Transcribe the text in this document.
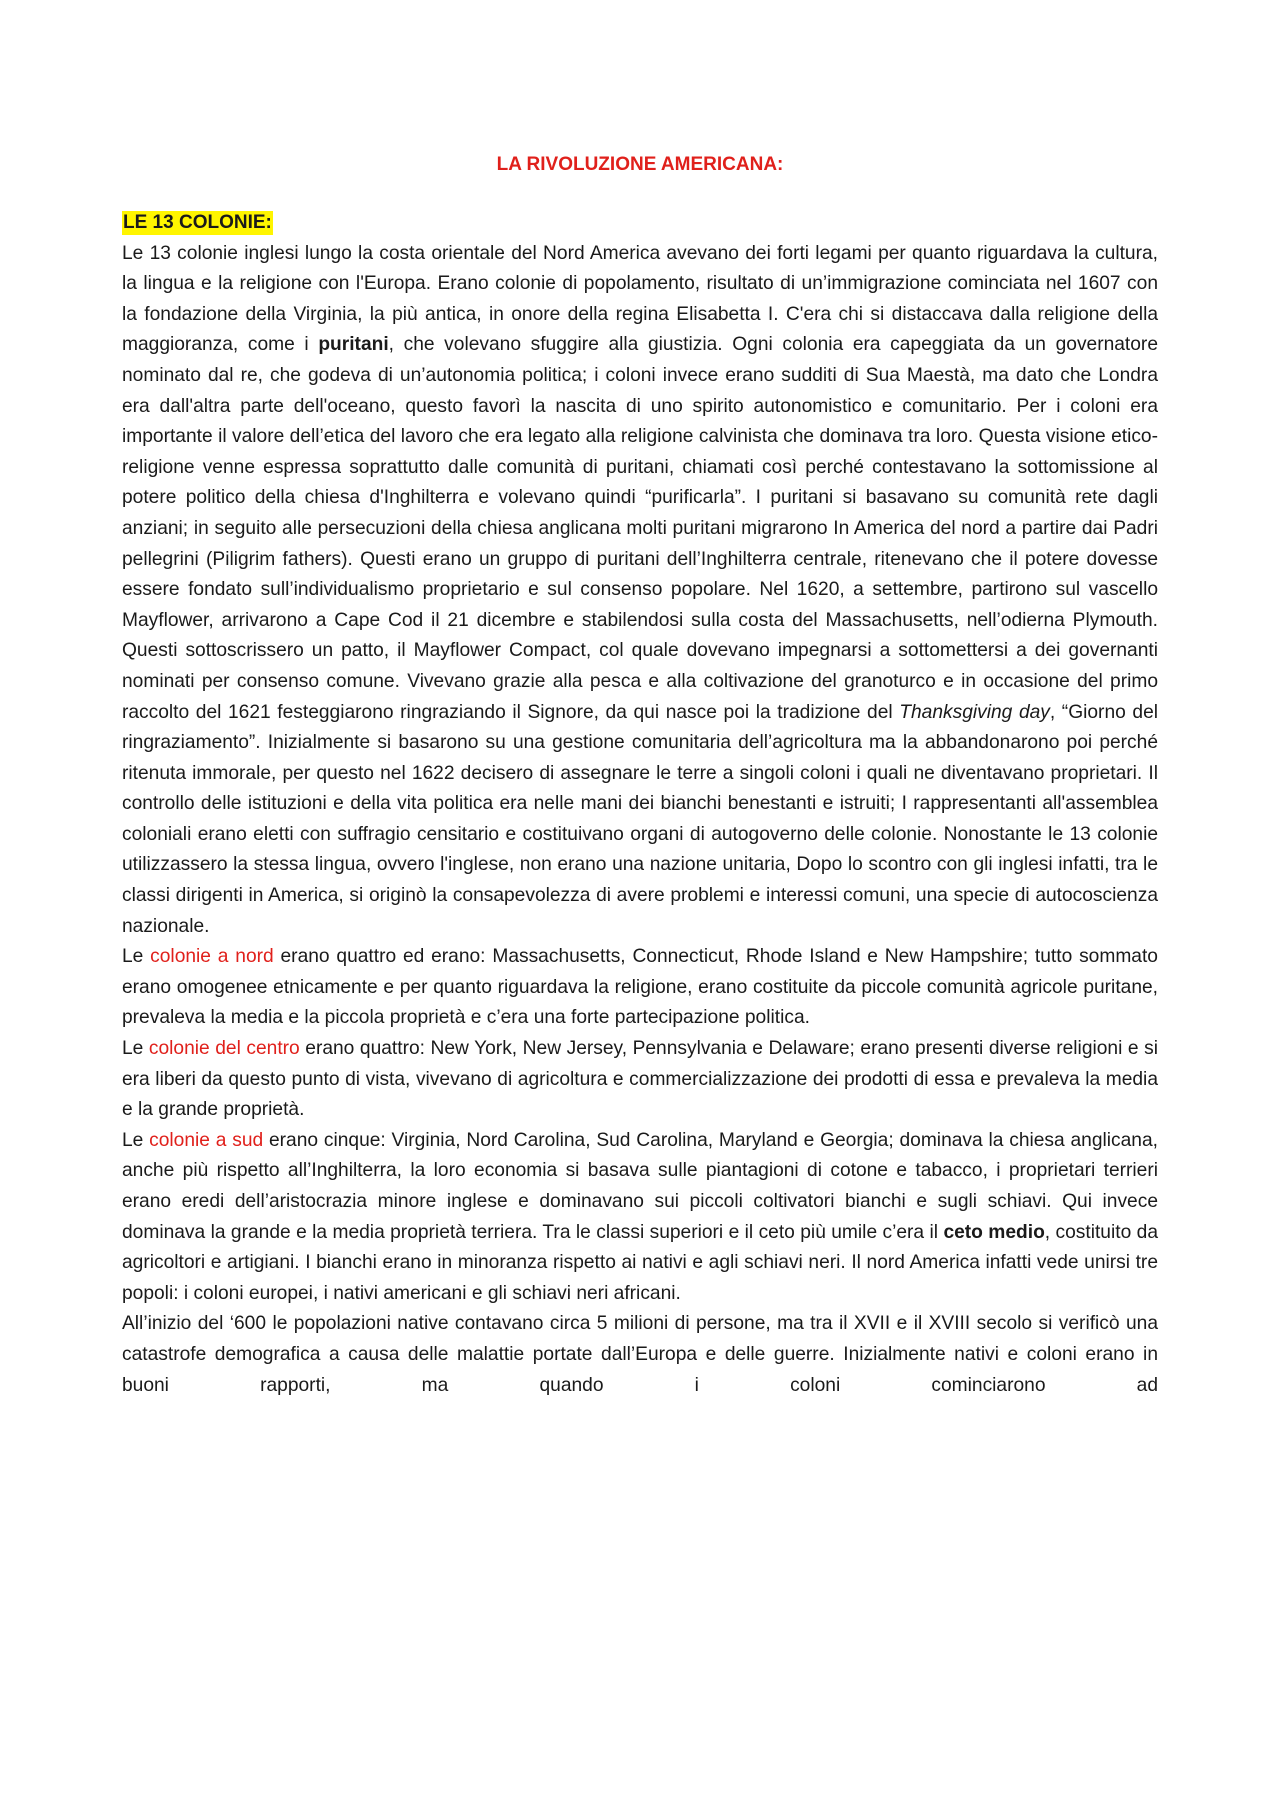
LA RIVOLUZIONE AMERICANA:
LE 13 COLONIE:

Le 13 colonie inglesi lungo la costa orientale del Nord America avevano dei forti legami per quanto riguardava la cultura, la lingua e la religione con l'Europa. Erano colonie di popolamento, risultato di un’immigrazione cominciata nel 1607 con la fondazione della Virginia, la più antica, in onore della regina Elisabetta I. C'era chi si distaccava dalla religione della maggioranza, come i puritani, che volevano sfuggire alla giustizia. Ogni colonia era capeggiata da un governatore nominato dal re, che godeva di un’autonomia politica; i coloni invece erano sudditi di Sua Maestà, ma dato che Londra era dall'altra parte dell'oceano, questo favorì la nascita di uno spirito autonomistico e comunitario. Per i coloni era importante il valore dell’etica del lavoro che era legato alla religione calvinista che dominava tra loro. Questa visione etico-religione venne espressa soprattutto dalle comunità di puritani, chiamati così perché contestavano la sottomissione al potere politico della chiesa d'Inghilterra e volevano quindi “purificarla”. I puritani si basavano su comunità rete dagli anziani; in seguito alle persecuzioni della chiesa anglicana molti puritani migrarono In America del nord a partire dai Padri pellegrini (Piligrim fathers). Questi erano un gruppo di puritani dell’Inghilterra centrale, ritenevano che il potere dovesse essere fondato sull’individualismo proprietario e sul consenso popolare. Nel 1620, a settembre, partirono sul vascello Mayflower, arrivarono a Cape Cod il 21 dicembre e stabilendosi sulla costa del Massachusetts, nell’odierna Plymouth. Questi sottoscrissero un patto, il Mayflower Compact, col quale dovevano impegnarsi a sottomettersi a dei governanti nominati per consenso comune. Vivevano grazie alla pesca e alla coltivazione del granoturco e in occasione del primo raccolto del 1621 festeggiarono ringraziando il Signore, da qui nasce poi la tradizione del Thanksgiving day, “Giorno del ringraziamento”. Inizialmente si basarono su una gestione comunitaria dell’agricoltura ma la abbandonarono poi perché ritenuta immorale, per questo nel 1622 decisero di assegnare le terre a singoli coloni i quali ne diventavano proprietari. Il controllo delle istituzioni e della vita politica era nelle mani dei bianchi benestanti e istruiti; I rappresentanti all'assemblea coloniali erano eletti con suffragio censitario e costituivano organi di autogoverno delle colonie. Nonostante le 13 colonie utilizzassero la stessa lingua, ovvero l'inglese, non erano una nazione unitaria, Dopo lo scontro con gli inglesi infatti, tra le classi dirigenti in America, si originò la consapevolezza di avere problemi e interessi comuni, una specie di autocoscienza nazionale.

Le colonie a nord erano quattro ed erano: Massachusetts, Connecticut, Rhode Island e New Hampshire; tutto sommato erano omogenee etnicamente e per quanto riguardava la religione, erano costituite da piccole comunità agricole puritane, prevaleva la media e la piccola proprietà e c’era una forte partecipazione politica.

Le colonie del centro erano quattro: New York, New Jersey, Pennsylvania e Delaware; erano presenti diverse religioni e si era liberi da questo punto di vista, vivevano di agricoltura e commercializzazione dei prodotti di essa e prevaleva la media e la grande proprietà.

Le colonie a sud erano cinque: Virginia, Nord Carolina, Sud Carolina, Maryland e Georgia; dominava la chiesa anglicana, anche più rispetto all’Inghilterra, la loro economia si basava sulle piantagioni di cotone e tabacco, i proprietari terrieri erano eredi dell’aristocrazia minore inglese e dominavano sui piccoli coltivatori bianchi e sugli schiavi. Qui invece dominava la grande e la media proprietà terriera. Tra le classi superiori e il ceto più umile c’era il ceto medio, costituito da agricoltori e artigiani. I bianchi erano in minoranza rispetto ai nativi e agli schiavi neri. Il nord America infatti vede unirsi tre popoli: i coloni europei, i nativi americani e gli schiavi neri africani.

All’inizio del ‘600 le popolazioni native contavano circa 5 milioni di persone, ma tra il XVII e il XVIII secolo si verificò una catastrofe demografica a causa delle malattie portate dall’Europa e delle guerre. Inizialmente nativi e coloni erano in buoni rapporti, ma quando i coloni cominciarono ad
